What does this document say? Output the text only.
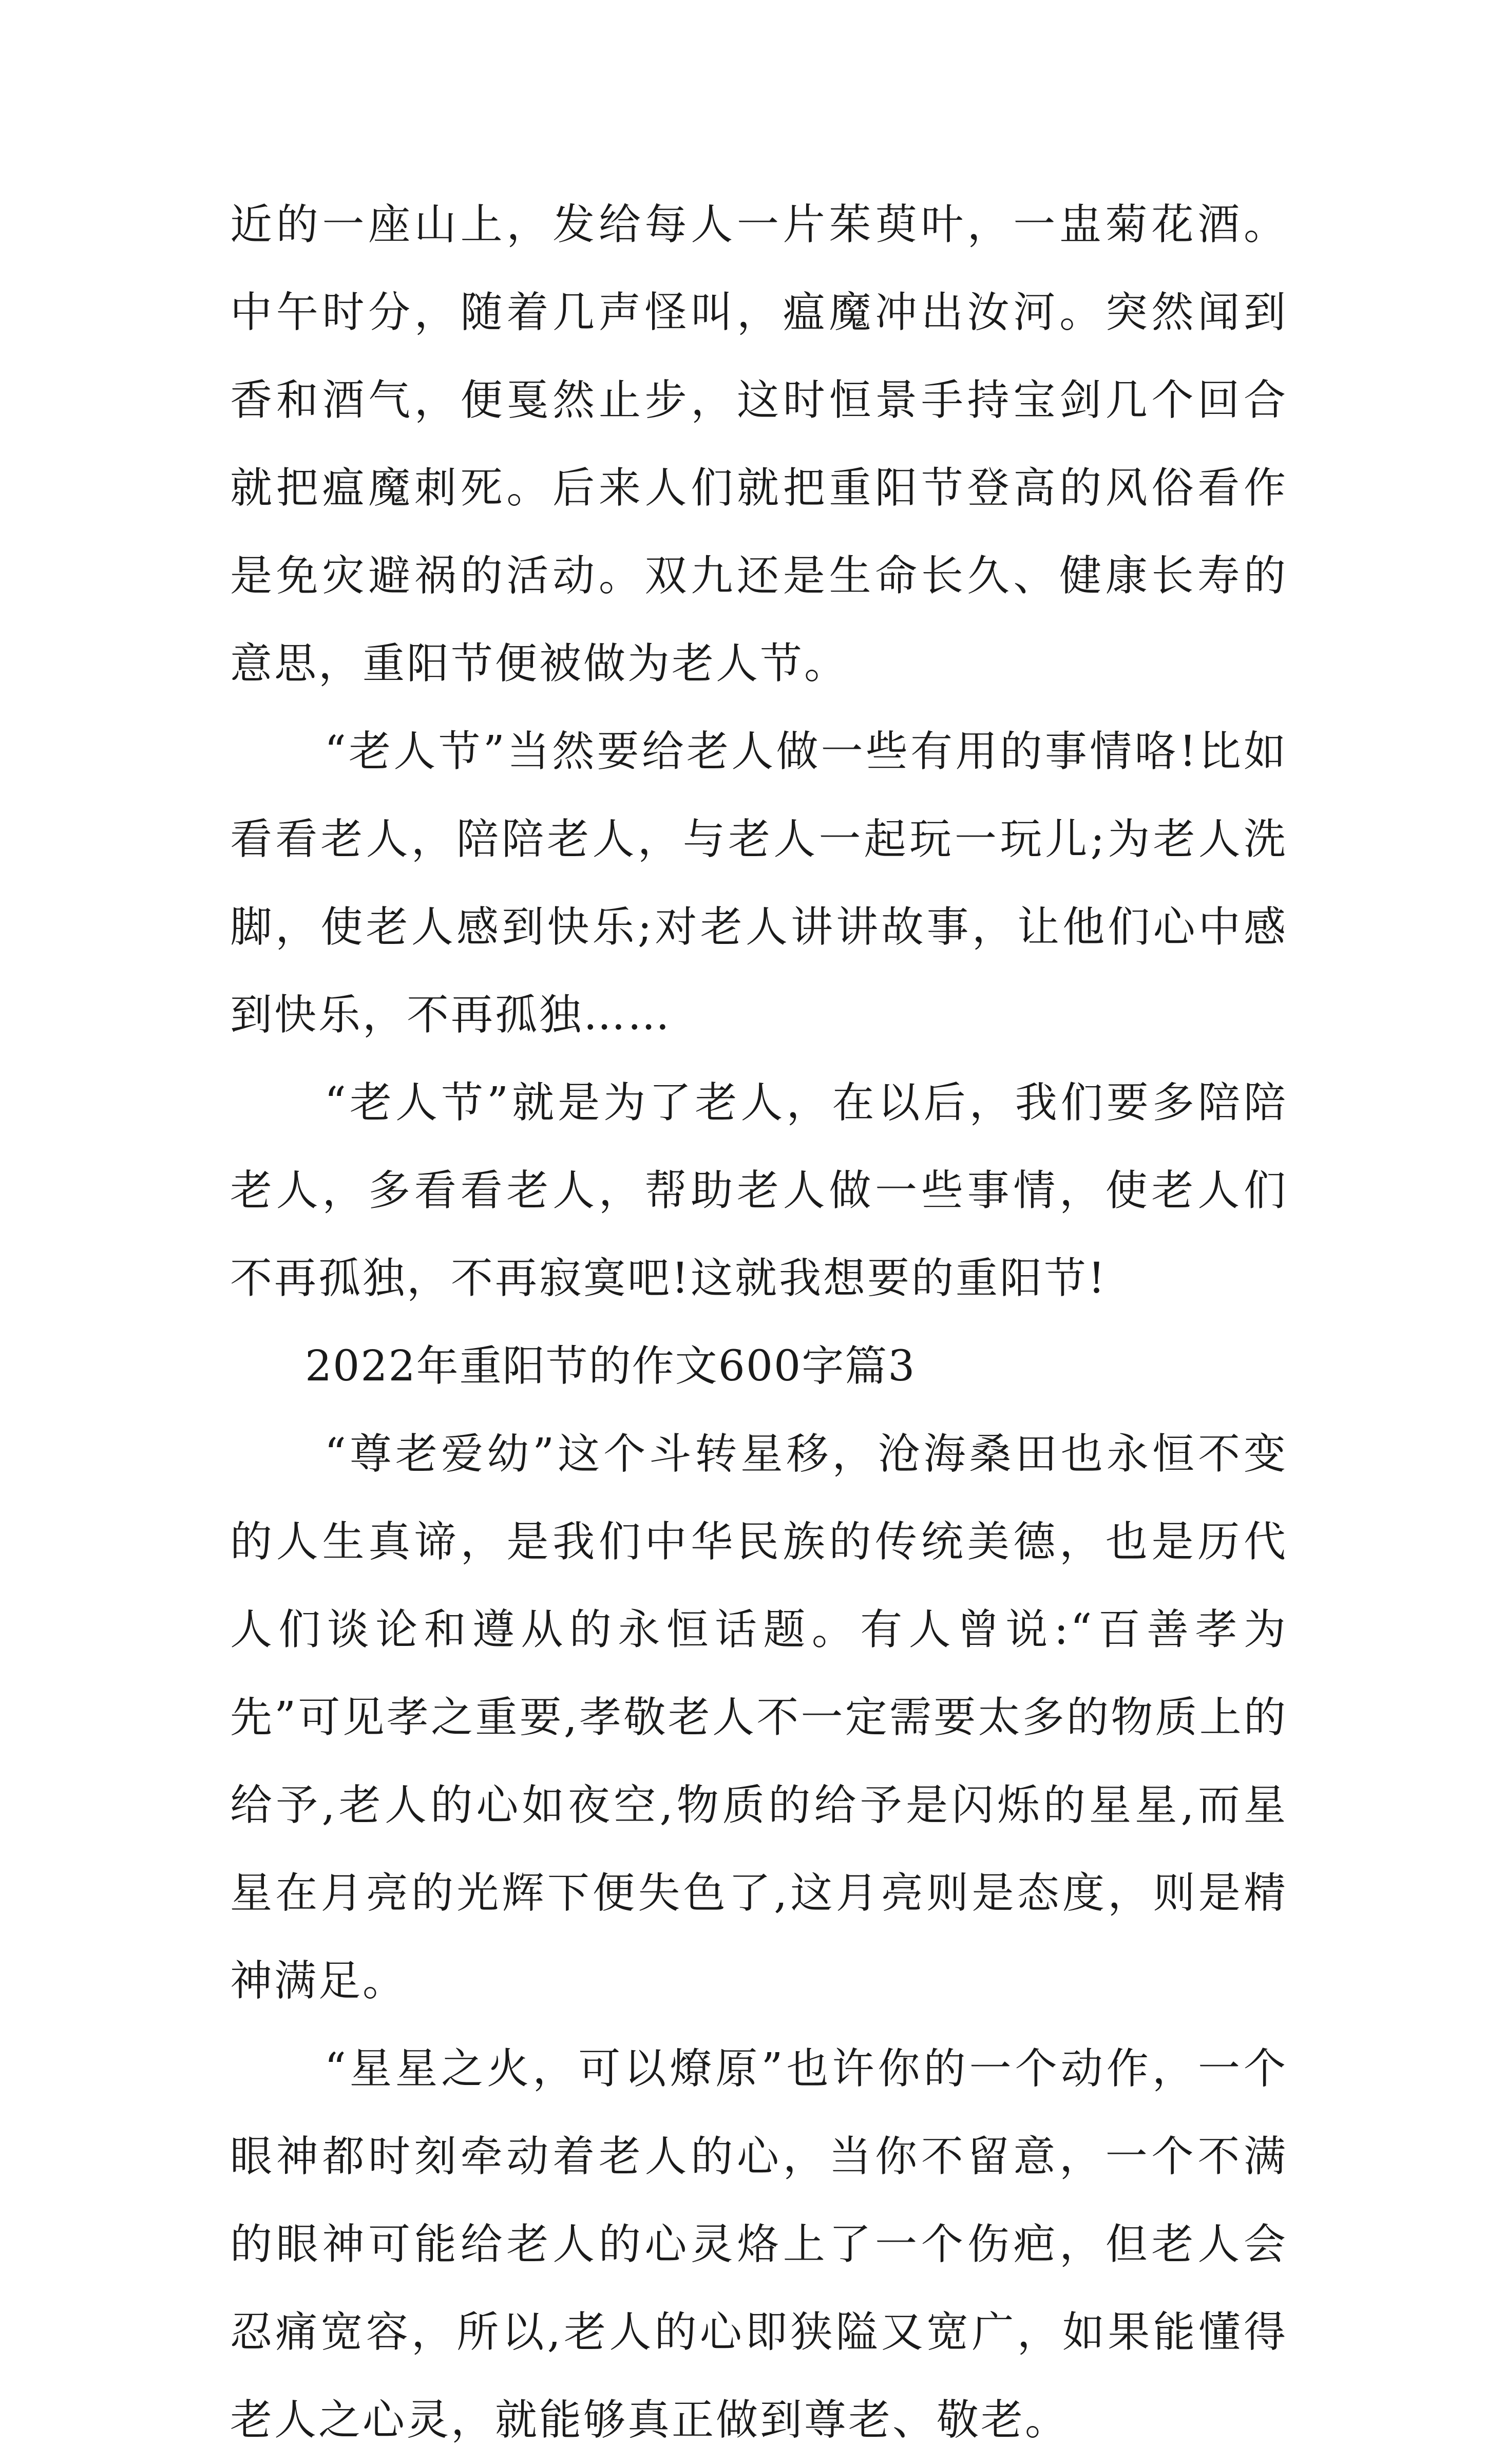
近的一座山上，发给每人一片茱萸叶，一盅菊花酒。中午时分，随着几声怪叫，瘟魔冲出汝河。突然闻到香和酒气，便戛然止步，这时恒景手持宝剑几个回合就把瘟魔刺死。后来人们就把重阳节登高的风俗看作是免灾避祸的活动。双九还是生命长久、健康长寿的意思，重阳节便被做为老人节。

“老人节”当然要给老人做一些有用的事情咯!比如看看老人，陪陪老人，与老人一起玩一玩儿;为老人洗脚，使老人感到快乐;对老人讲讲故事，让他们心中感到快乐，不再孤独……

“老人节”就是为了老人，在以后，我们要多陪陪老人，多看看老人，帮助老人做一些事情，使老人们不再孤独，不再寂寞吧!这就我想要的重阳节!

2022年重阳节的作文600字篇3

“尊老爱幼”这个斗转星移，沧海桑田也永恒不变的人生真谛，是我们中华民族的传统美德，也是历代人们谈论和遵从的永恒话题。有人曾说:“百善孝为先”可见孝之重要,孝敬老人不一定需要太多的物质上的给予,老人的心如夜空,物质的给予是闪烁的星星,而星星在月亮的光辉下便失色了,这月亮则是态度，则是精神满足。

“星星之火，可以燎原”也许你的一个动作，一个眼神都时刻牵动着老人的心，当你不留意，一个不满的眼神可能给老人的心灵烙上了一个伤疤，但老人会忍痛宽容，所以,老人的心即狭隘又宽广，如果能懂得老人之心灵，就能够真正做到尊老、敬老。
